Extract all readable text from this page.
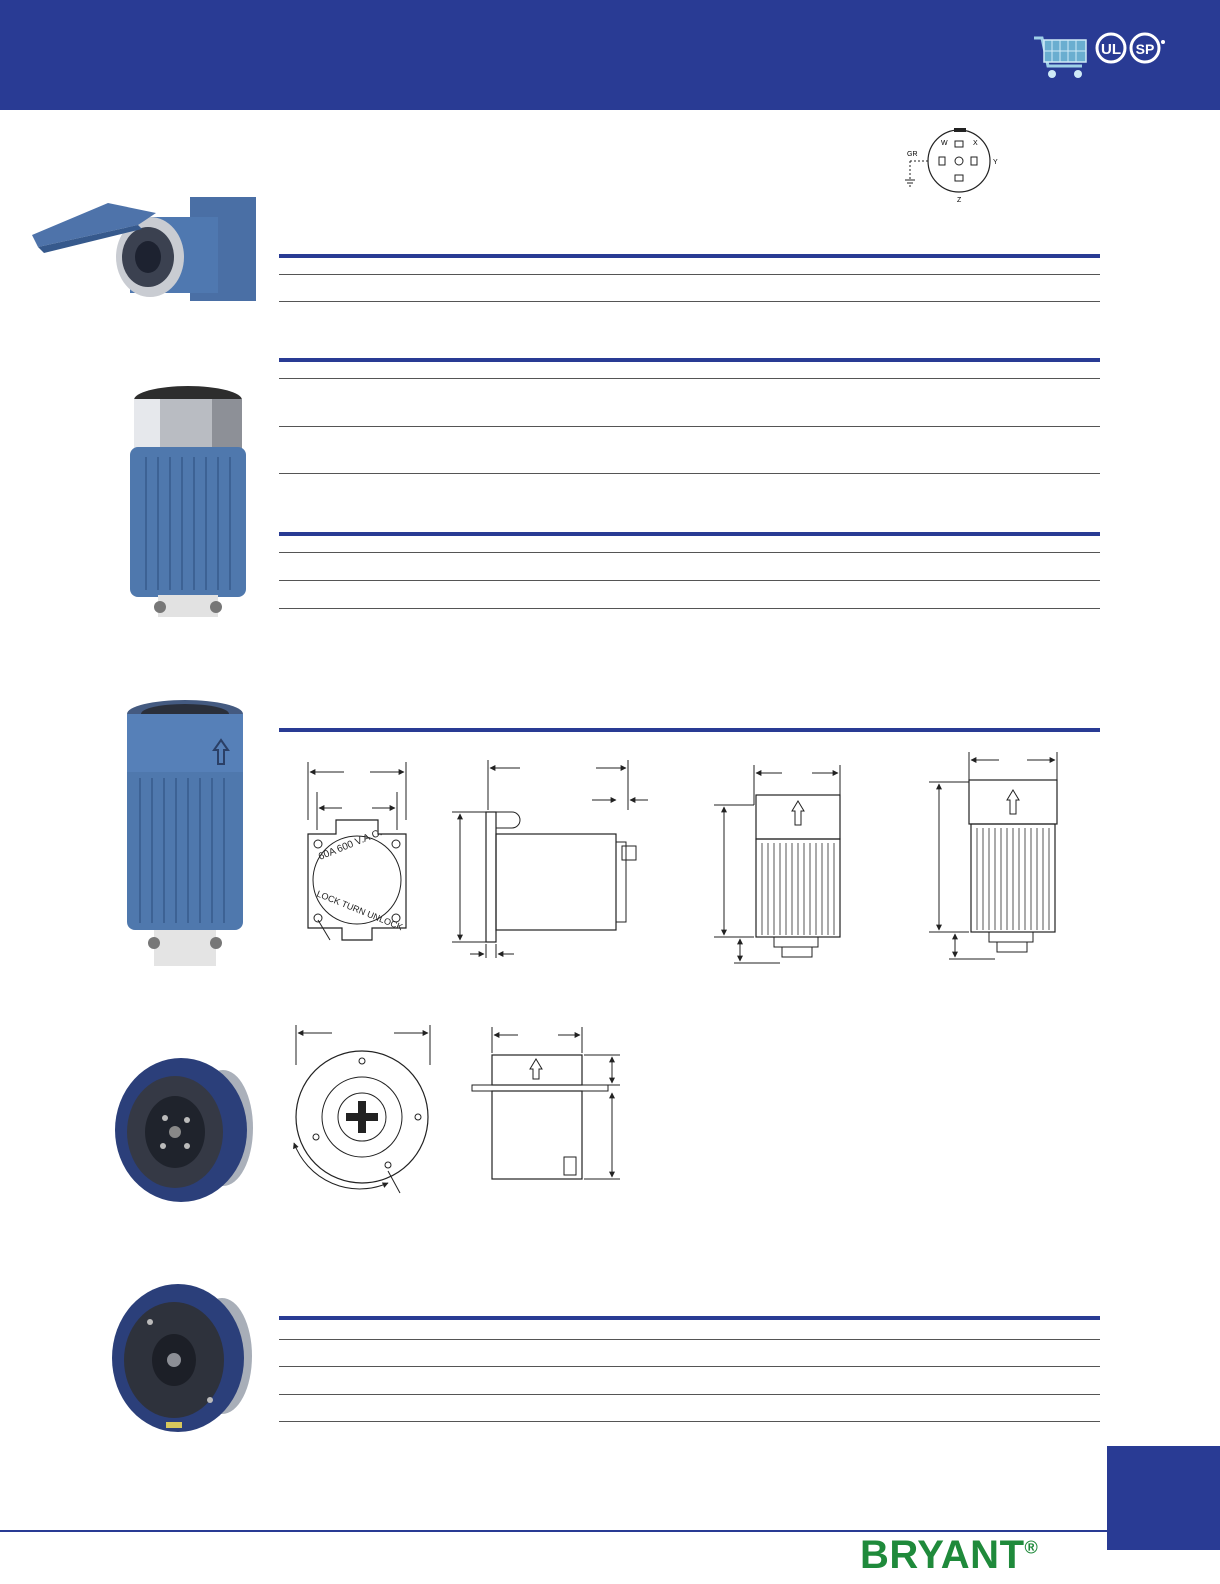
UL SP
GR
W	X
Y
Z
60A 600 V.A.C.
LOCK TURN UNLOCK
BRYANT®
